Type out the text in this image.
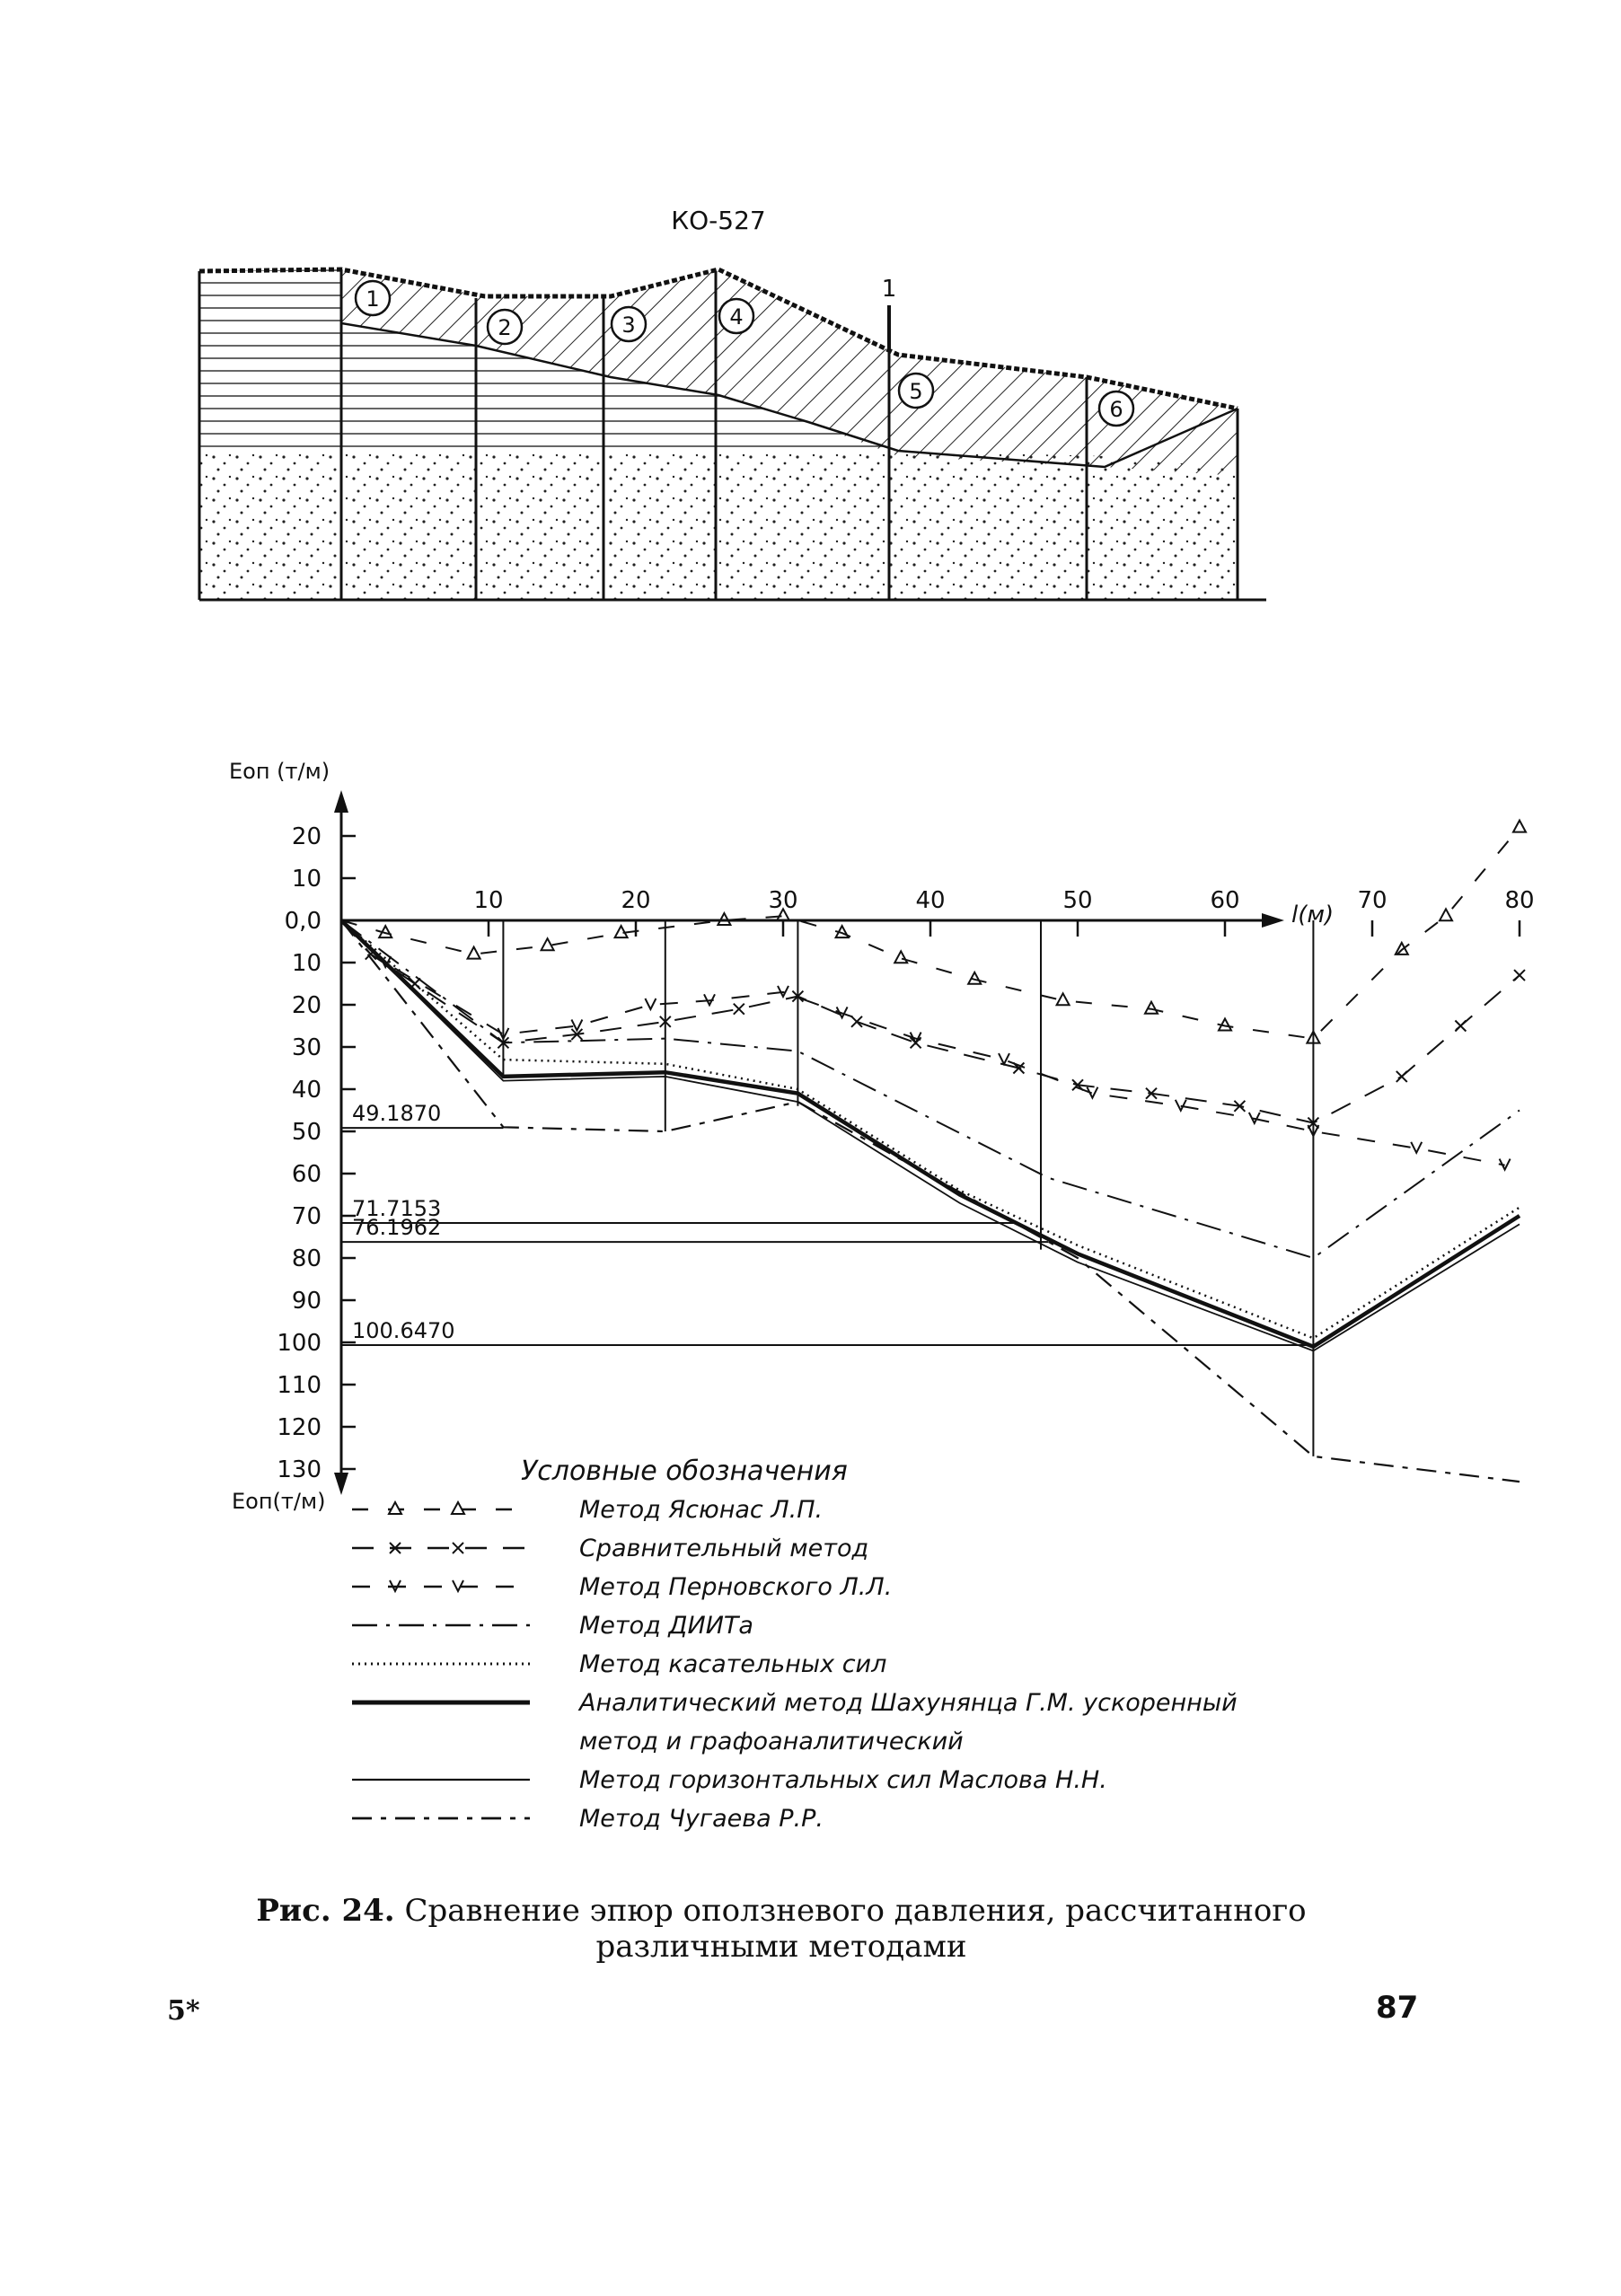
КО-527
1
1
2	3	4
5
6
20
10
0,0
10
20
30
40
50
60
70
80
90
100
110
120
130
10	20	30	40	50	60	70	80
49.1870
71.7153
76.1962
100.6470
Eоп (т/м)
Eоп(т/м)
l(м)
Условные обозначения
Метод Ясюнас Л.П.
Сравнительный метод
Метод Перновского Л.Л.
Метод ДИИТа
Метод касательных сил
Аналитический метод Шахунянца Г.М. ускоренный
метод и графоаналитический
Метод горизонтальных сил Маслова Н.Н.
Метод Чугаева Р.Р.
Рис. 24. Сравнение эпюр оползневого давления, рассчитанного различными методами
5*	87
